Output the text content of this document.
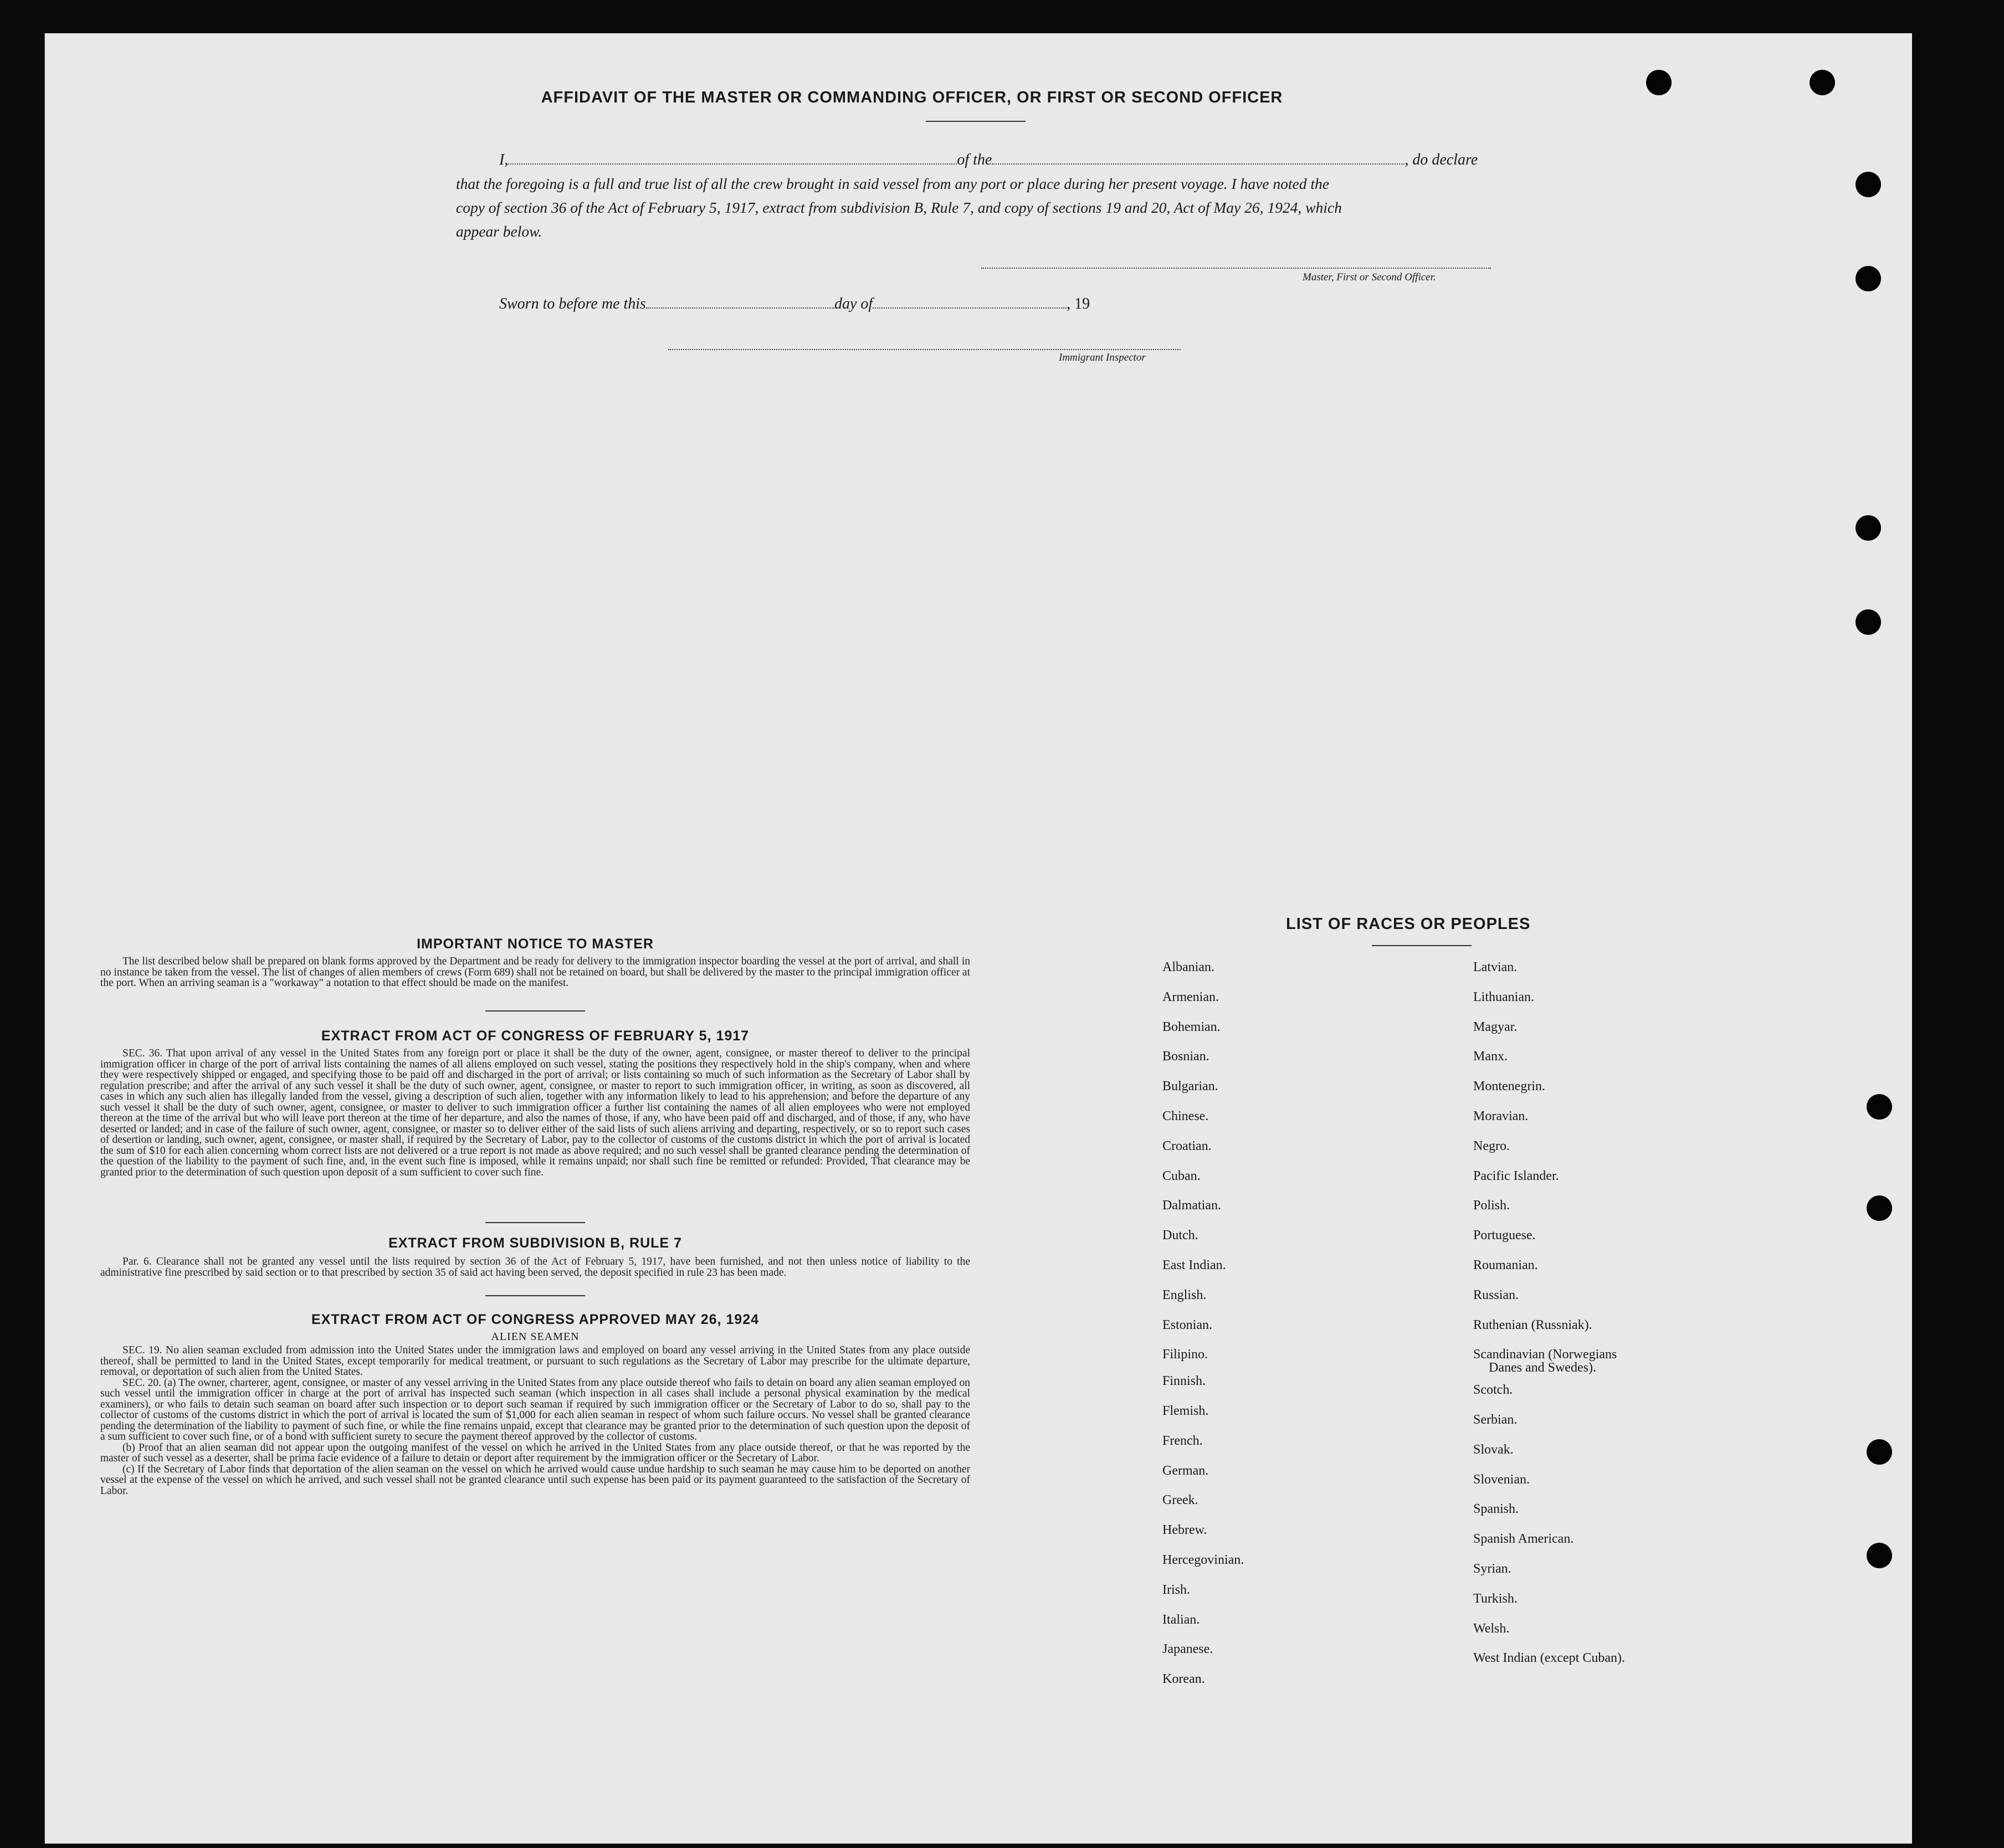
AFFIDAVIT OF THE MASTER OR COMMANDING OFFICER, OR FIRST OR SECOND OFFICER
I,	of the	, do declare
that the foregoing is a full and true list of all the crew brought in said vessel from any port or place during her present voyage. I have noted the
copy of section 36 of the Act of February 5, 1917, extract from subdivision B, Rule 7, and copy of sections 19 and 20, Act of May 26, 1924, which
appear below.
Master, First or Second Officer.
Sworn to before me this	day of	, 19
Immigrant Inspector
IMPORTANT NOTICE TO MASTER

The list described below shall be prepared on blank forms approved by the Department and be ready for delivery to the immigration inspector boarding the vessel at the port of arrival, and shall in no instance be taken from the vessel. The list of changes of alien members of crews (Form 689) shall not be retained on board, but shall be delivered by the master to the principal immigration officer at the port. When an arriving seaman is a "workaway" a notation to that effect should be made on the manifest.

EXTRACT FROM ACT OF CONGRESS OF FEBRUARY 5, 1917

SEC. 36. That upon arrival of any vessel in the United States from any foreign port or place it shall be the duty of the owner, agent, consignee, or master thereof to deliver to the principal immigration officer in charge of the port of arrival lists containing the names of all aliens employed on such vessel, stating the positions they respectively hold in the ship's company, when and where they were respectively shipped or engaged, and specifying those to be paid off and discharged in the port of arrival; or lists containing so much of such information as the Secretary of Labor shall by regulation prescribe; and after the arrival of any such vessel it shall be the duty of such owner, agent, consignee, or master to report to such immigration officer, in writing, as soon as discovered, all cases in which any such alien has illegally landed from the vessel, giving a description of such alien, together with any information likely to lead to his apprehension; and before the departure of any such vessel it shall be the duty of such owner, agent, consignee, or master to deliver to such immigration officer a further list containing the names of all alien employees who were not employed thereon at the time of the arrival but who will leave port thereon at the time of her departure, and also the names of those, if any, who have been paid off and discharged, and of those, if any, who have deserted or landed; and in case of the failure of such owner, agent, consignee, or master so to deliver either of the said lists of such aliens arriving and departing, respectively, or so to report such cases of desertion or landing, such owner, agent, consignee, or master shall, if required by the Secretary of Labor, pay to the collector of customs of the customs district in which the port of arrival is located the sum of $10 for each alien concerning whom correct lists are not delivered or a true report is not made as above required; and no such vessel shall be granted clearance pending the determination of the question of the liability to the payment of such fine, and, in the event such fine is imposed, while it remains unpaid; nor shall such fine be remitted or refunded: Provided, That clearance may be granted prior to the determination of such question upon deposit of a sum sufficient to cover such fine.

EXTRACT FROM SUBDIVISION B, RULE 7

Par. 6. Clearance shall not be granted any vessel until the lists required by section 36 of the Act of February 5, 1917, have been furnished, and not then unless notice of liability to the administrative fine prescribed by said section or to that prescribed by section 35 of said act having been served, the deposit specified in rule 23 has been made.

EXTRACT FROM ACT OF CONGRESS APPROVED MAY 26, 1924
ALIEN SEAMEN

SEC. 19. No alien seaman excluded from admission into the United States under the immigration laws and employed on board any vessel arriving in the United States from any place outside thereof, shall be permitted to land in the United States, except temporarily for medical treatment, or pursuant to such regulations as the Secretary of Labor may prescribe for the ultimate departure, removal, or deportation of such alien from the United States.

SEC. 20. (a) The owner, charterer, agent, consignee, or master of any vessel arriving in the United States from any place outside thereof who fails to detain on board any alien seaman employed on such vessel until the immigration officer in charge at the port of arrival has inspected such seaman (which inspection in all cases shall include a personal physical examination by the medical examiners), or who fails to detain such seaman on board after such inspection or to deport such seaman if required by such immigration officer or the Secretary of Labor to do so, shall pay to the collector of customs of the customs district in which the port of arrival is located the sum of $1,000 for each alien seaman in respect of whom such failure occurs. No vessel shall be granted clearance pending the determination of the liability to payment of such fine, or while the fine remains unpaid, except that clearance may be granted prior to the determination of such question upon the deposit of a sum sufficient to cover such fine, or of a bond with sufficient surety to secure the payment thereof approved by the collector of customs.

(b) Proof that an alien seaman did not appear upon the outgoing manifest of the vessel on which he arrived in the United States from any place outside thereof, or that he was reported by the master of such vessel as a deserter, shall be prima facie evidence of a failure to detain or deport after requirement by the immigration officer or the Secretary of Labor.

(c) If the Secretary of Labor finds that deportation of the alien seaman on the vessel on which he arrived would cause undue hardship to such seaman he may cause him to be deported on another vessel at the expense of the vessel on which he arrived, and such vessel shall not be granted clearance until such expense has been paid or its payment guaranteed to the satisfaction of the Secretary of Labor.

LIST OF RACES OR PEOPLES
Albanian.
Armenian.
Bohemian.
Bosnian.
Bulgarian.
Chinese.
Croatian.
Cuban.
Dalmatian.
Dutch.
East Indian.
English.
Estonian.
Filipino.
Finnish.
Flemish.
French.
German.
Greek.
Hebrew.
Hercegovinian.
Irish.
Italian.
Japanese.
Korean.
Latvian.
Lithuanian.
Magyar.
Manx.
Montenegrin.
Moravian.
Negro.
Pacific Islander.
Polish.
Portuguese.
Roumanian.
Russian.
Ruthenian (Russniak).
Scandinavian (Norwegians
Danes and Swedes).
Scotch.
Serbian.
Slovak.
Slovenian.
Spanish.
Spanish American.
Syrian.
Turkish.
Welsh.
West Indian (except Cuban).
